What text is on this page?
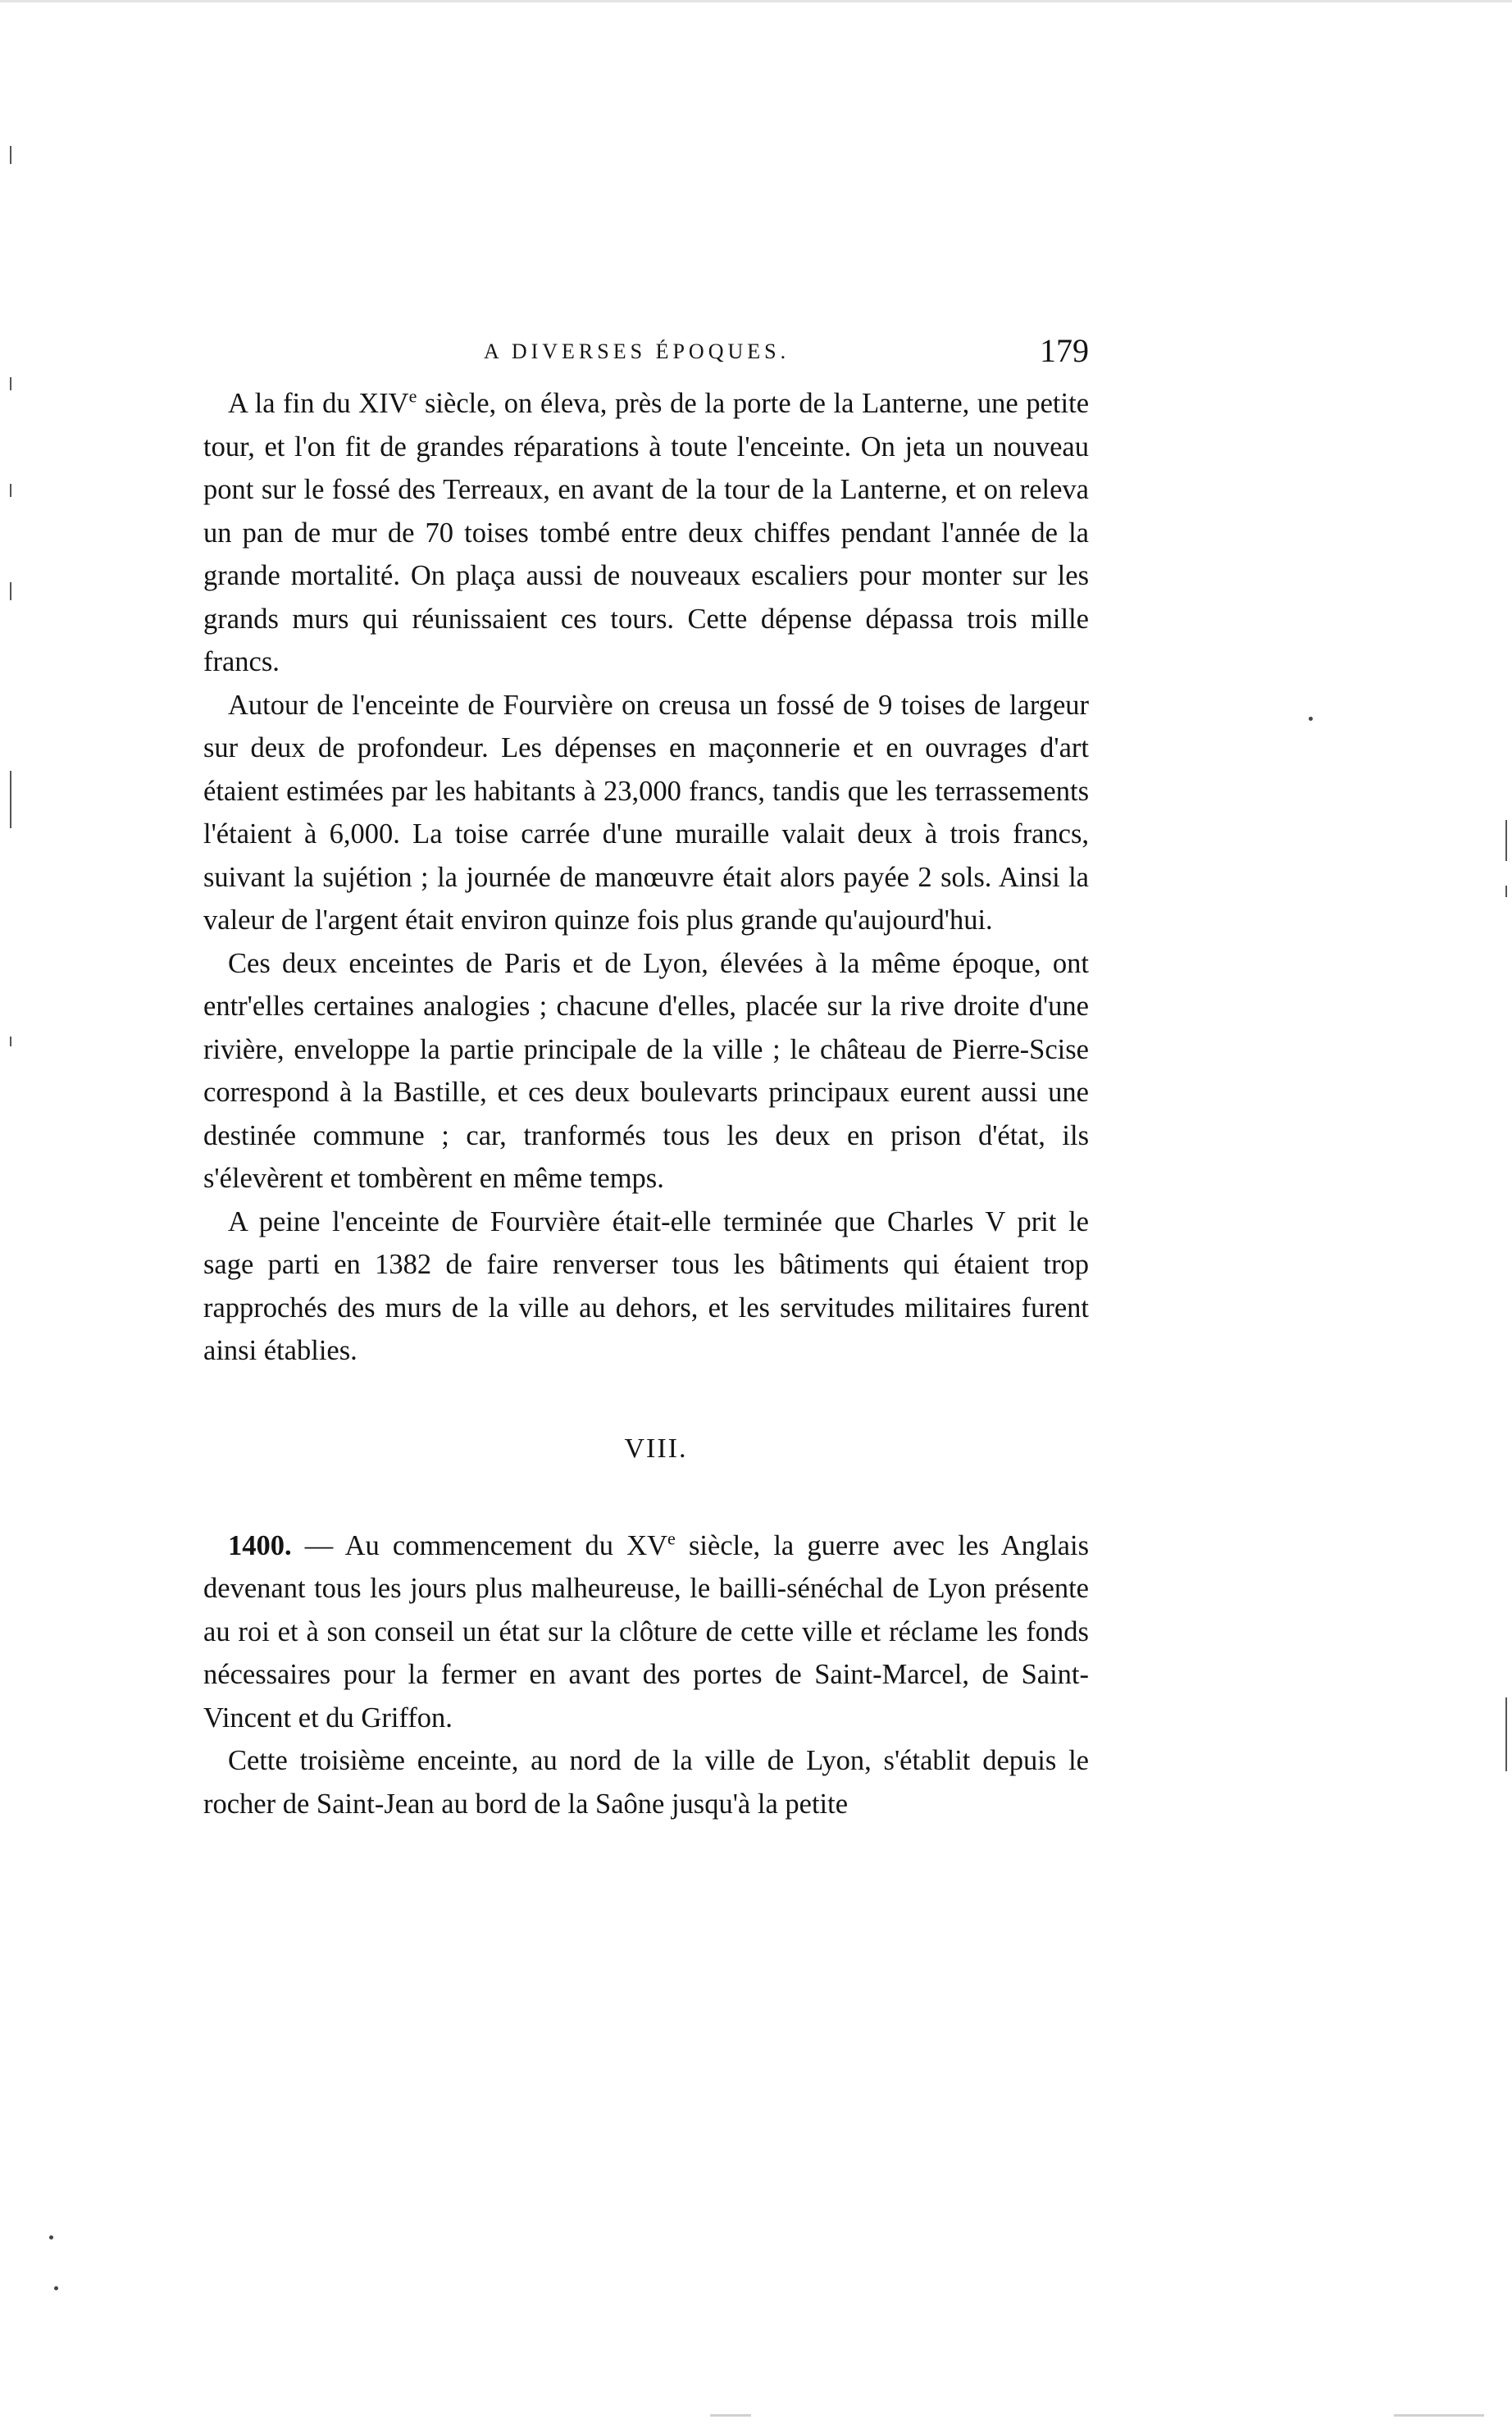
A DIVERSES ÉPOQUES.	179

A la fin du XIVe siècle, on éleva, près de la porte de la Lanterne, une petite tour, et l'on fit de grandes réparations à toute l'enceinte. On jeta un nouveau pont sur le fossé des Terreaux, en avant de la tour de la Lanterne, et on releva un pan de mur de 70 toises tombé entre deux chiffes pendant l'année de la grande mortalité. On plaça aussi de nouveaux escaliers pour monter sur les grands murs qui réunissaient ces tours. Cette dépense dépassa trois mille francs.

Autour de l'enceinte de Fourvière on creusa un fossé de 9 toises de largeur sur deux de profondeur. Les dépenses en maçonnerie et en ouvrages d'art étaient estimées par les habitants à 23,000 francs, tandis que les terrassements l'étaient à 6,000. La toise carrée d'une muraille valait deux à trois francs, suivant la sujétion ; la journée de manœuvre était alors payée 2 sols. Ainsi la valeur de l'argent était environ quinze fois plus grande qu'aujourd'hui.

Ces deux enceintes de Paris et de Lyon, élevées à la même époque, ont entr'elles certaines analogies ; chacune d'elles, placée sur la rive droite d'une rivière, enveloppe la partie principale de la ville ; le château de Pierre-Scise correspond à la Bastille, et ces deux boulevarts principaux eurent aussi une destinée commune ; car, tranformés tous les deux en prison d'état, ils s'élevèrent et tombèrent en même temps.

A peine l'enceinte de Fourvière était-elle terminée que Charles V prit le sage parti en 1382 de faire renverser tous les bâtiments qui étaient trop rapprochés des murs de la ville au dehors, et les servitudes militaires furent ainsi établies.

VIII.

1400. — Au commencement du XVe siècle, la guerre avec les Anglais devenant tous les jours plus malheureuse, le bailli-sénéchal de Lyon présente au roi et à son conseil un état sur la clôture de cette ville et réclame les fonds nécessaires pour la fermer en avant des portes de Saint-Marcel, de Saint-Vincent et du Griffon.

Cette troisième enceinte, au nord de la ville de Lyon, s'établit depuis le rocher de Saint-Jean au bord de la Saône jusqu'à la petite
